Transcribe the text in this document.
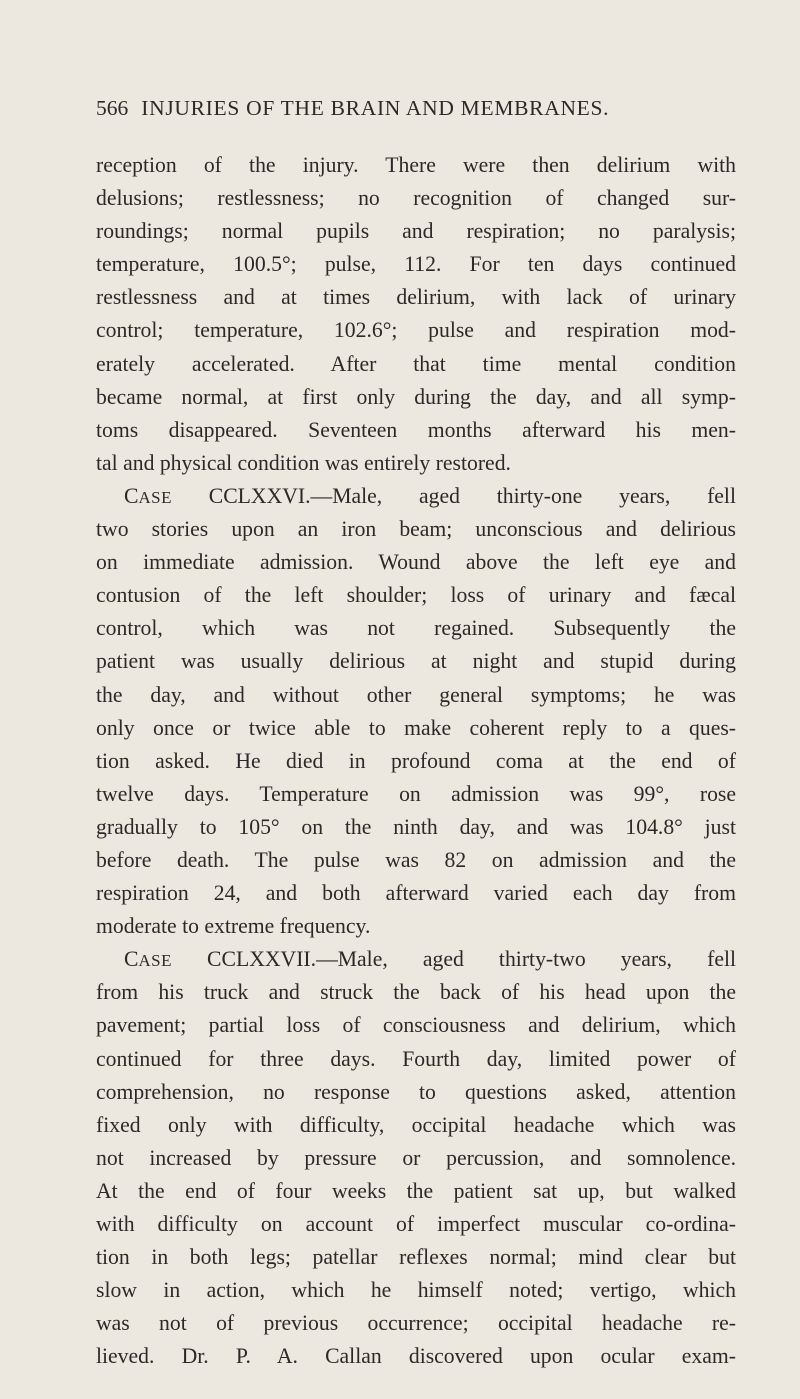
566 INJURIES OF THE BRAIN AND MEMBRANES.
reception of the injury. There were then delirium with
delusions; restlessness; no recognition of changed sur-
roundings; normal pupils and respiration; no paralysis;
temperature, 100.5°; pulse, 112. For ten days continued
restlessness and at times delirium, with lack of urinary
control; temperature, 102.6°; pulse and respiration mod-
erately accelerated. After that time mental condition
became normal, at first only during the day, and all symp-
toms disappeared. Seventeen months afterward his men-
tal and physical condition was entirely restored.
CASE CCLXXVI.—Male, aged thirty-one years, fell
two stories upon an iron beam; unconscious and delirious
on immediate admission. Wound above the left eye and
contusion of the left shoulder; loss of urinary and fæcal
control, which was not regained. Subsequently the
patient was usually delirious at night and stupid during
the day, and without other general symptoms; he was
only once or twice able to make coherent reply to a ques-
tion asked. He died in profound coma at the end of
twelve days. Temperature on admission was 99°, rose
gradually to 105° on the ninth day, and was 104.8° just
before death. The pulse was 82 on admission and the
respiration 24, and both afterward varied each day from
moderate to extreme frequency.
CASE CCLXXVII.—Male, aged thirty-two years, fell
from his truck and struck the back of his head upon the
pavement; partial loss of consciousness and delirium, which
continued for three days. Fourth day, limited power of
comprehension, no response to questions asked, attention
fixed only with difficulty, occipital headache which was
not increased by pressure or percussion, and somnolence.
At the end of four weeks the patient sat up, but walked
with difficulty on account of imperfect muscular co-ordina-
tion in both legs; patellar reflexes normal; mind clear but
slow in action, which he himself noted; vertigo, which
was not of previous occurrence; occipital headache re-
lieved. Dr. P. A. Callan discovered upon ocular exam-
